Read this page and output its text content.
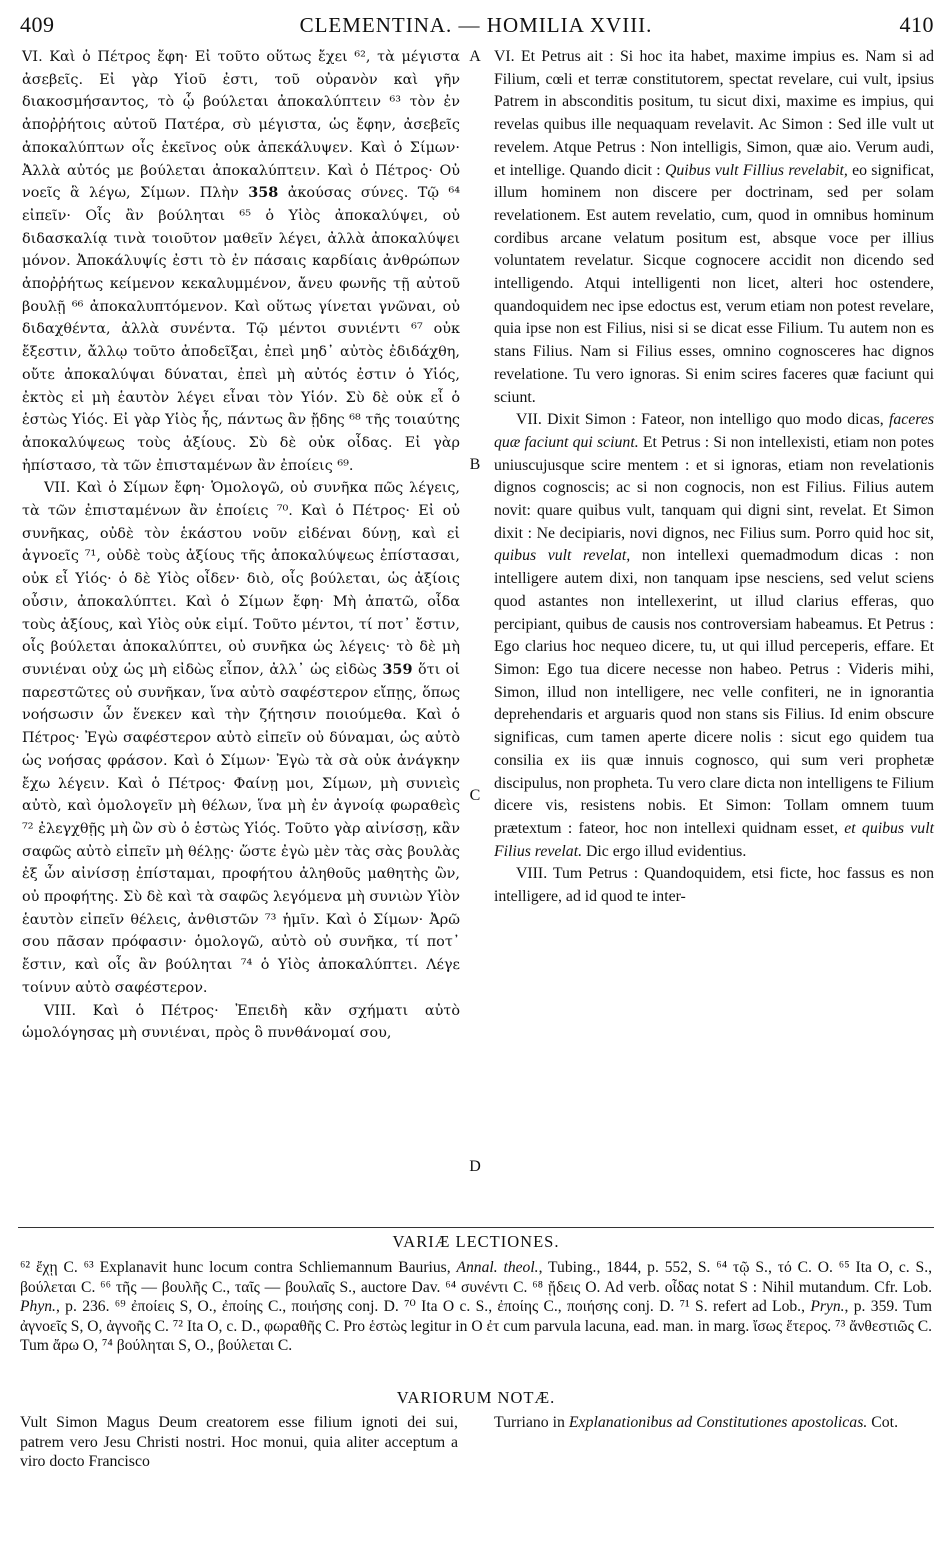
409	CLEMENTINA. — HOMILIA XVIII.	410

VI. Καὶ ὁ Πέτρος ἔφη· Εἰ τοῦτο οὕτως ἔχει ⁶², τὰ μέγιστα ἀσεβεῖς. Εἰ γὰρ Υἱοῦ ἐστι, τοῦ οὐρανὸν καὶ γῆν διακοσμήσαντος, τὸ ᾧ βούλεται ἀποκαλύπτειν ⁶³ τὸν ἐν ἀποῤῥήτοις αὐτοῦ Πατέρα, σὺ μέγιστα, ὡς ἔφην, ἀσεβεῖς ἀποκαλύπτων οἷς ἐκεῖνος οὐκ ἀπεκάλυψεν. Καὶ ὁ Σίμων· Ἀλλὰ αὐτός με βούλεται ἀποκαλύπτειν. Καὶ ὁ Πέτρος· Οὐ νοεῖς ἃ λέγω, Σίμων. Πλὴν 358 ἀκούσας σύνες. Τῷ ⁶⁴ εἰπεῖν· Οἷς ἂν βούληται ⁶⁵ ὁ Υἱὸς ἀποκαλύψει, οὐ διδασκαλίᾳ τινὰ τοιοῦτον μαθεῖν λέγει, ἀλλὰ ἀποκαλύψει μόνον. Ἀποκάλυψίς ἐστι τὸ ἐν πάσαις καρδίαις ἀνθρώπων ἀποῤῥήτως κείμενον κεκαλυμμένον, ἄνευ φωνῆς τῇ αὐτοῦ βουλῇ ⁶⁶ ἀποκαλυπτόμενον. Καὶ οὕτως γίνεται γνῶναι, οὐ διδαχθέντα, ἀλλὰ συνέντα. Τῷ μέντοι συνιέντι ⁶⁷ οὐκ ἔξεστιν, ἄλλῳ τοῦτο ἀποδεῖξαι, ἐπεὶ μηδ᾽ αὐτὸς ἐδιδάχθη, οὔτε ἀποκαλύψαι δύναται, ἐπεὶ μὴ αὐτός ἐστιν ὁ Υἱός, ἐκτὸς εἰ μὴ ἑαυτὸν λέγει εἶναι τὸν Υἱόν. Σὺ δὲ οὐκ εἶ ὁ ἑστὼς Υἱός. Εἰ γὰρ Υἱὸς ἦς, πάντως ἂν ᾔδης ⁶⁸ τῆς τοιαύτης ἀποκαλύψεως τοὺς ἀξίους. Σὺ δὲ οὐκ οἶδας. Εἰ γὰρ ἠπίστασο, τὰ τῶν ἐπισταμένων ἂν ἐποίεις ⁶⁹.

VII. Καὶ ὁ Σίμων ἔφη· Ὁμολογῶ, οὐ συνῆκα πῶς λέγεις, τὰ τῶν ἐπισταμένων ἂν ἐποίεις ⁷⁰. Καὶ ὁ Πέτρος· Εἰ οὐ συνῆκας, οὐδὲ τὸν ἑκάστου νοῦν εἰδέναι δύνῃ, καὶ εἰ ἀγνοεῖς ⁷¹, οὐδὲ τοὺς ἀξίους τῆς ἀποκαλύψεως ἐπίστασαι, οὐκ εἶ Υἱός· ὁ δὲ Υἱὸς οἶδεν· διὸ, οἷς βούλεται, ὡς ἀξίοις οὖσιν, ἀποκαλύπτει. Καὶ ὁ Σίμων ἔφη· Μὴ ἀπατῶ, οἶδα τοὺς ἀξίους, καὶ Υἱὸς οὐκ εἰμί. Τοῦτο μέντοι, τί ποτ᾽ ἔστιν, οἷς βούλεται ἀποκαλύπτει, οὐ συνῆκα ὡς λέγεις· τὸ δὲ μὴ συνιέναι οὐχ ὡς μὴ εἰδὼς εἶπον, ἀλλ᾽ ὡς εἰδὼς 359 ὅτι οἱ παρεστῶτες οὐ συνῆκαν, ἵνα αὐτὸ σαφέστερον εἴπῃς, ὅπως νοήσωσιν ὧν ἕνεκεν καὶ τὴν ζήτησιν ποιούμεθα. Καὶ ὁ Πέτρος· Ἐγὼ σαφέστερον αὐτὸ εἰπεῖν οὐ δύναμαι, ὡς αὐτὸ ὡς νοήσας φράσον. Καὶ ὁ Σίμων· Ἐγὼ τὰ σὰ οὐκ ἀνάγκην ἔχω λέγειν. Καὶ ὁ Πέτρος· Φαίνῃ μοι, Σίμων, μὴ συνιεὶς αὐτὸ, καὶ ὁμολογεῖν μὴ θέλων, ἵνα μὴ ἐν ἀγνοίᾳ φωραθεὶς ⁷² ἐλεγχθῇς μὴ ὢν σὺ ὁ ἑστὼς Υἱός. Τοῦτο γὰρ αἰνίσσῃ, κἂν σαφῶς αὐτὸ εἰπεῖν μὴ θέλῃς· ὥστε ἐγὼ μὲν τὰς σὰς βουλὰς ἐξ ὧν αἰνίσσῃ ἐπίσταμαι, προφήτου ἀληθοῦς μαθητὴς ὢν, οὐ προφήτης. Σὺ δὲ καὶ τὰ σαφῶς λεγόμενα μὴ συνιὼν Υἱὸν ἑαυτὸν εἰπεῖν θέλεις, ἀνθιστῶν ⁷³ ἡμῖν. Καὶ ὁ Σίμων· Ἀρῶ σου πᾶσαν πρόφασιν· ὁμολογῶ, αὐτὸ οὐ συνῆκα, τί ποτ᾽ ἔστιν, καὶ οἷς ἂν βούληται ⁷⁴ ὁ Υἱὸς ἀποκαλύπτει. Λέγε τοίνυν αὐτὸ σαφέστερον.

VIII. Καὶ ὁ Πέτρος· Ἐπειδὴ κἂν σχήματι αὐτὸ ὡμολόγησας μὴ συνιέναι, πρὸς ὃ πυνθάνομαί σου,

A
B
C
D

VI. Et Petrus ait : Si hoc ita habet, maxime impius es. Nam si ad Filium, cœli et terræ constitutorem, spectat revelare, cui vult, ipsius Patrem in absconditis positum, tu sicut dixi, maxime es impius, qui revelas quibus ille nequaquam revelavit. Ac Simon : Sed ille vult ut revelem. Atque Petrus : Non intelligis, Simon, quæ aio. Verum audi, et intellige. Quando dicit : Quibus vult Fillius revelabit, eo significat, illum hominem non discere per doctrinam, sed per solam revelationem. Est autem revelatio, cum, quod in omnibus hominum cordibus arcane velatum positum est, absque voce per illius voluntatem revelatur. Sicque cognocere accidit non dicendo sed intelligendo. Atqui intelligenti non licet, alteri hoc ostendere, quandoquidem nec ipse edoctus est, verum etiam non potest revelare, quia ipse non est Filius, nisi si se dicat esse Filium. Tu autem non es stans Filius. Nam si Filius esses, omnino cognosceres hac dignos revelatione. Tu vero ignoras. Si enim scires faceres quæ faciunt qui sciunt.

VII. Dixit Simon : Fateor, non intelligo quo modo dicas, faceres quæ faciunt qui sciunt. Et Petrus : Si non intellexisti, etiam non potes uniuscujusque scire mentem : et si ignoras, etiam non revelationis dignos cognoscis; ac si non cognocis, non est Filius. Filius autem novit: quare quibus vult, tanquam qui digni sint, revelat. Et Simon dixit : Ne decipiaris, novi dignos, nec Filius sum. Porro quid hoc sit, quibus vult revelat, non intellexi quemadmodum dicas : non intelligere autem dixi, non tanquam ipse nesciens, sed velut sciens quod astantes non intellexerint, ut illud clarius efferas, quo percipiant, quibus de causis nos controversiam habeamus. Et Petrus : Ego clarius hoc nequeo dicere, tu, ut qui illud perceperis, effare. Et Simon: Ego tua dicere necesse non habeo. Petrus : Videris mihi, Simon, illud non intelligere, nec velle confiteri, ne in ignorantia deprehendaris et arguaris quod non stans sis Filius. Id enim obscure significas, cum tamen aperte dicere nolis : sicut ego quidem tua consilia ex iis quæ innuis cognosco, qui sum veri prophetæ discipulus, non propheta. Tu vero clare dicta non intelligens te Filium dicere vis, resistens nobis. Et Simon: Tollam omnem tuum prætextum : fateor, hoc non intellexi quidnam esset, et quibus vult Filius revelat. Dic ergo illud evidentius.

VIII. Tum Petrus : Quandoquidem, etsi ficte, hoc fassus es non intelligere, ad id quod te inter-

VARIÆ LECTIONES.
⁶² ἔχῃ C. ⁶³ Explanavit hunc locum contra Schliemannum Baurius, Annal. theol., Tubing., 1844, p. 552, S. ⁶⁴ τῷ S., τό C. O. ⁶⁵ Ita O, c. S., βούλεται C. ⁶⁶ τῆς — βουλῆς C., ταῖς — βουλαῖς S., auctore Dav. ⁶⁴ συνέντι C. ⁶⁸ ᾔδεις O. Ad verb. οἶδας notat S : Nihil mutandum. Cfr. Lob. Phyn., p. 236. ⁶⁹ ἐποίεις S, O., ἐποίης C., ποιήσης conj. D. ⁷⁰ Ita O c. S., ἐποίης C., ποιήσης conj. D. ⁷¹ S. refert ad Lob., Pryn., p. 359. Tum ἀγνοεῖς S, O, ἀγνοῆς C. ⁷² Ita O, c. D., φωραθῆς C. Pro ἑστὼς legitur in O ἐτ cum parvula lacuna, ead. man. in marg. ἴσως ἕτερος. ⁷³ ἄνθεστιῶς C. Tum ἄρω O, ⁷⁴ βούληται S, O., βούλεται C.
VARIORUM NOTÆ.
Vult Simon Magus Deum creatorem esse filium ignoti dei sui, patrem vero Jesu Christi nostri. Hoc monui, quia aliter acceptum a viro docto Francisco
Turriano in Explanationibus ad Constitutiones apostolicas. Cot.
